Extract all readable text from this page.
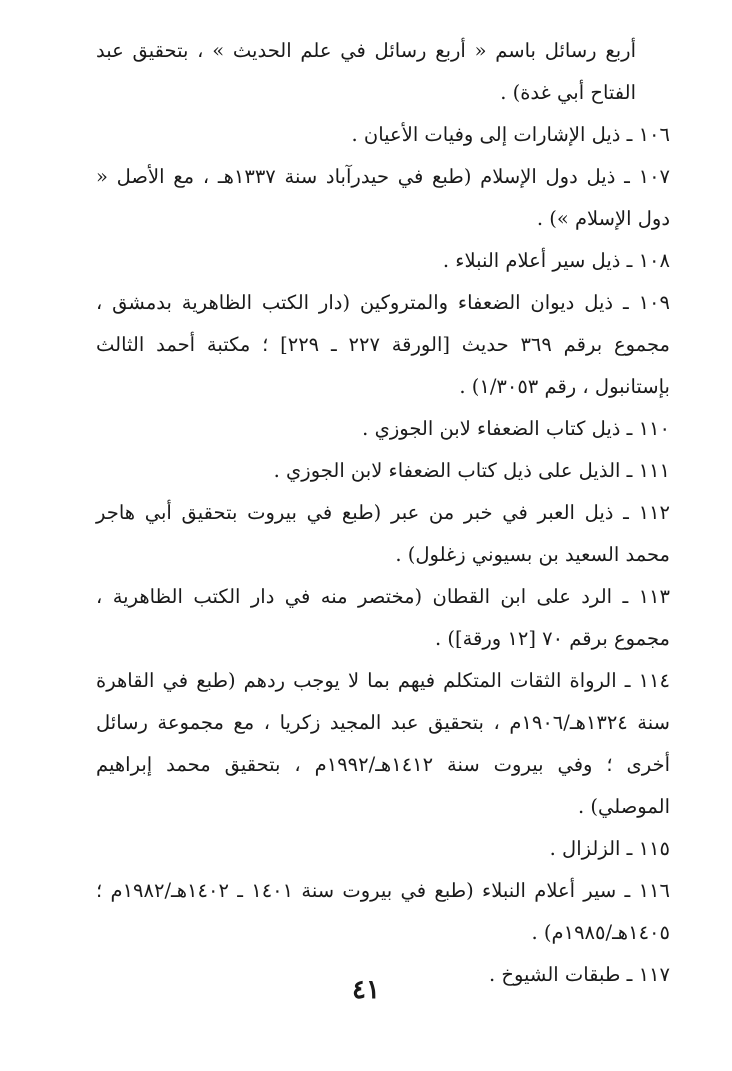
أربع رسائل باسم « أربع رسائل في علم الحديث » ، بتحقيق عبد الفتاح أبي غدة) .

١٠٦ ـ ذيل الإشارات إلى وفيات الأعيان .

١٠٧ ـ ذيل دول الإسلام (طبع في حيدرآباد سنة ١٣٣٧هـ ، مع الأصل « دول الإسلام ») .

١٠٨ ـ ذيل سير أعلام النبلاء .

١٠٩ ـ ذيل ديوان الضعفاء والمتروكين (دار الكتب الظاهرية بدمشق ، مجموع برقم ٣٦٩ حديث [الورقة ٢٢٧ ـ ٢٢٩] ؛ مكتبة أحمد الثالث بإستانبول ، رقم ١/٣٠٥٣) .

١١٠ ـ ذيل كتاب الضعفاء لابن الجوزي .

١١١ ـ الذيل على ذيل كتاب الضعفاء لابن الجوزي .

١١٢ ـ ذيل العبر في خبر من عبر (طبع في بيروت بتحقيق أبي هاجر محمد السعيد بن بسيوني زغلول) .

١١٣ ـ الرد على ابن القطان (مختصر منه في دار الكتب الظاهرية ، مجموع برقم ٧٠ [١٢ ورقة]) .

١١٤ ـ الرواة الثقات المتكلم فيهم بما لا يوجب ردهم (طبع في القاهرة سنة ١٣٢٤هـ/١٩٠٦م ، بتحقيق عبد المجيد زكريا ، مع مجموعة رسائل أخرى ؛ وفي بيروت سنة ١٤١٢هـ/١٩٩٢م ، بتحقيق محمد إبراهيم الموصلي) .

١١٥ ـ الزلزال .

١١٦ ـ سير أعلام النبلاء (طبع في بيروت سنة ١٤٠١ ـ ١٤٠٢هـ/١٩٨٢م ؛ ١٤٠٥هـ/١٩٨٥م) .

١١٧ ـ طبقات الشيوخ .

٤١
